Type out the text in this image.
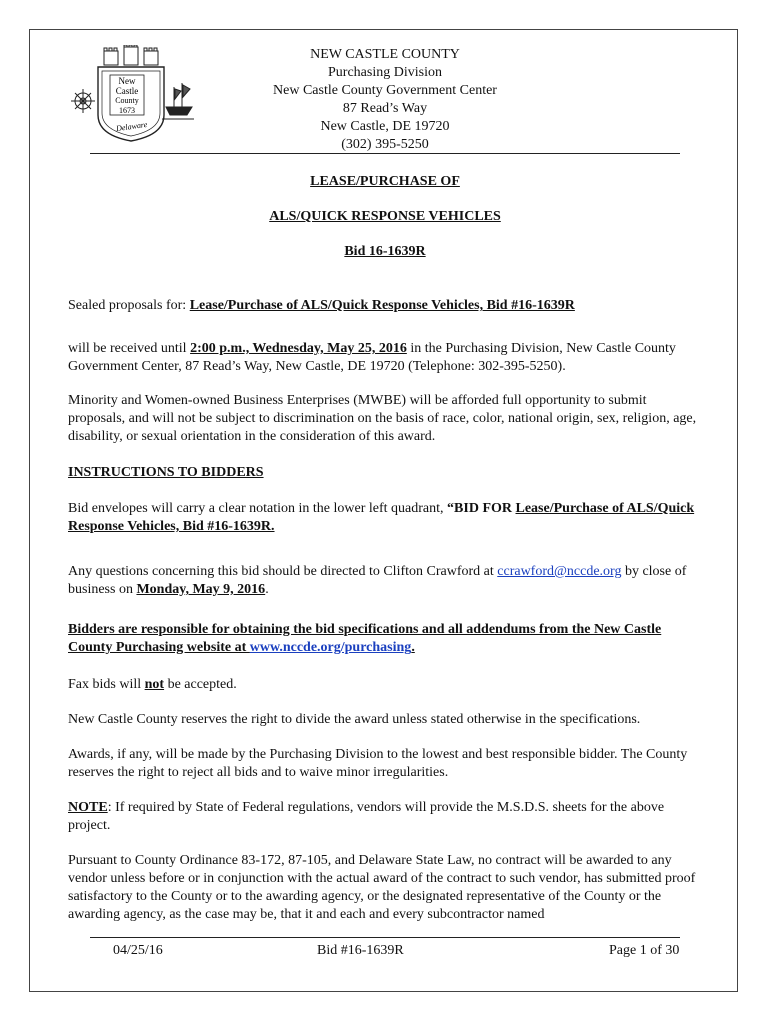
New
Castle
County
1673
Delaware
NEW CASTLE COUNTY
Purchasing Division
New Castle County Government Center
87 Read’s Way
New Castle, DE 19720
(302) 395-5250
LEASE/PURCHASE OF
ALS/QUICK RESPONSE VEHICLES
Bid 16-1639R
Sealed proposals for: Lease/Purchase of ALS/Quick Response Vehicles, Bid #16-1639R
will be received until 2:00 p.m., Wednesday, May 25, 2016 in the Purchasing Division, New Castle County Government Center, 87 Read’s Way, New Castle, DE 19720 (Telephone: 302-395-5250).
Minority and Women-owned Business Enterprises (MWBE) will be afforded full opportunity to submit proposals, and will not be subject to discrimination on the basis of race, color, national origin, sex, religion, age, disability, or sexual orientation in the consideration of this award.
INSTRUCTIONS TO BIDDERS
Bid envelopes will carry a clear notation in the lower left quadrant, “BID FOR Lease/Purchase of ALS/Quick Response Vehicles, Bid #16-1639R.
Any questions concerning this bid should be directed to Clifton Crawford at ccrawford@nccde.org by close of business on Monday, May 9, 2016.
Bidders are responsible for obtaining the bid specifications and all addendums from the New Castle County Purchasing website at www.nccde.org/purchasing.
Fax bids will not be accepted.
New Castle County reserves the right to divide the award unless stated otherwise in the specifications.
Awards, if any, will be made by the Purchasing Division to the lowest and best responsible bidder. The County reserves the right to reject all bids and to waive minor irregularities.
NOTE: If required by State of Federal regulations, vendors will provide the M.S.D.S. sheets for the above project.
Pursuant to County Ordinance 83-172, 87-105, and Delaware State Law, no contract will be awarded to any vendor unless before or in conjunction with the actual award of the contract to such vendor, has submitted proof satisfactory to the County or to the awarding agency, or the designated representative of the County or the awarding agency, as the case may be, that it and each and every subcontractor named
04/25/16	Bid #16-1639R	Page 1 of 30
